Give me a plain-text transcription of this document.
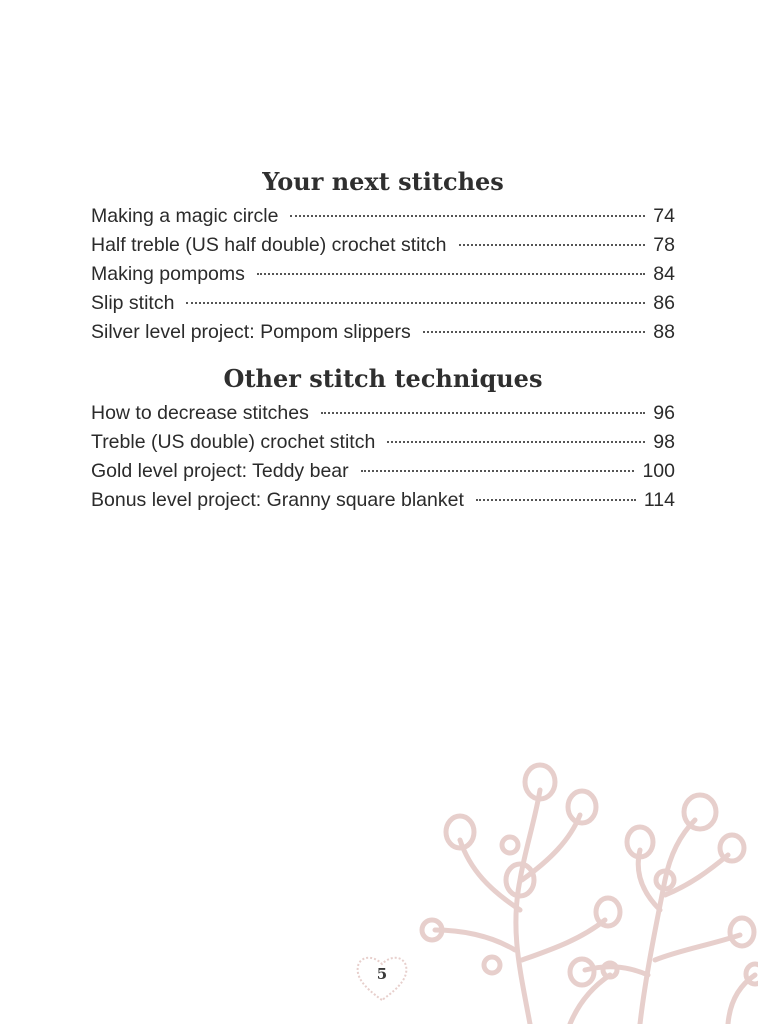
Your next stitches
Making a magic circle	74
Half treble (US half double) crochet stitch	78
Making pompoms	84
Slip stitch	86
Silver level project: Pompom slippers	88
Other stitch techniques
How to decrease stitches	96
Treble (US double) crochet stitch	98
Gold level project: Teddy bear	100
Bonus level project: Granny square blanket	114
5
